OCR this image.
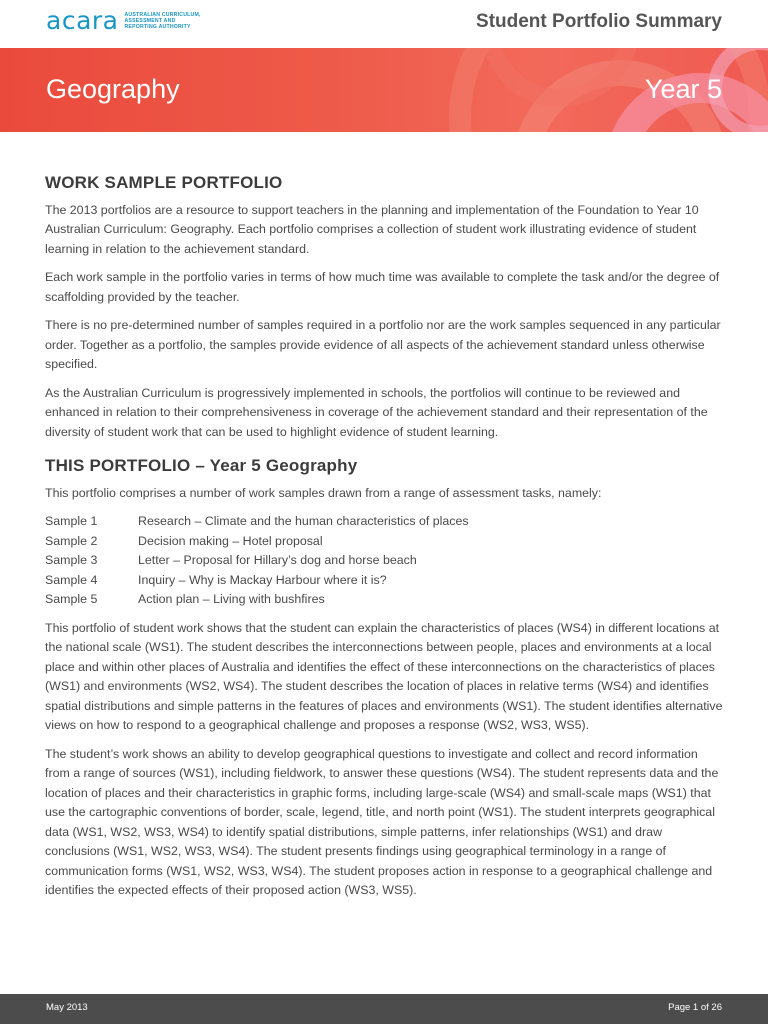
acara AUSTRALIAN CURRICULUM,
ASSESSMENT AND
REPORTING AUTHORITY	Student Portfolio Summary
Geography	Year 5
WORK SAMPLE PORTFOLIO

The 2013 portfolios are a resource to support teachers in the planning and implementation of the Foundation to Year 10 Australian Curriculum: Geography. Each portfolio comprises a collection of student work illustrating evidence of student learning in relation to the achievement standard.

Each work sample in the portfolio varies in terms of how much time was available to complete the task and/or the degree of scaffolding provided by the teacher.

There is no pre-determined number of samples required in a portfolio nor are the work samples sequenced in any particular order. Together as a portfolio, the samples provide evidence of all aspects of the achievement standard unless otherwise specified.

As the Australian Curriculum is progressively implemented in schools, the portfolios will continue to be reviewed and enhanced in relation to their comprehensiveness in coverage of the achievement standard and their representation of the diversity of student work that can be used to highlight evidence of student learning.

THIS PORTFOLIO – Year 5 Geography

This portfolio comprises a number of work samples drawn from a range of assessment tasks, namely:

Sample 1	Research – Climate and the human characteristics of places
Sample 2	Decision making – Hotel proposal
Sample 3	Letter – Proposal for Hillary’s dog and horse beach
Sample 4	Inquiry – Why is Mackay Harbour where it is?
Sample 5	Action plan – Living with bushfires

This portfolio of student work shows that the student can explain the characteristics of places (WS4) in different locations at the national scale (WS1). The student describes the interconnections between people, places and environments at a local place and within other places of Australia and identifies the effect of these interconnections on the characteristics of places (WS1) and environments (WS2, WS4). The student describes the location of places in relative terms (WS4) and identifies spatial distributions and simple patterns in the features of places and environments (WS1). The student identifies alternative views on how to respond to a geographical challenge and proposes a response (WS2, WS3, WS5).

The student’s work shows an ability to develop geographical questions to investigate and collect and record information from a range of sources (WS1), including fieldwork, to answer these questions (WS4). The student represents data and the location of places and their characteristics in graphic forms, including large-scale (WS4) and small-scale maps (WS1) that use the cartographic conventions of border, scale, legend, title, and north point (WS1). The student interprets geographical data (WS1, WS2, WS3, WS4) to identify spatial distributions, simple patterns, infer relationships (WS1) and draw conclusions (WS1, WS2, WS3, WS4). The student presents findings using geographical terminology in a range of communication forms (WS1, WS2, WS3, WS4). The student proposes action in response to a geographical challenge and identifies the expected effects of their proposed action (WS3, WS5).

May 2013	Page 1 of 26
